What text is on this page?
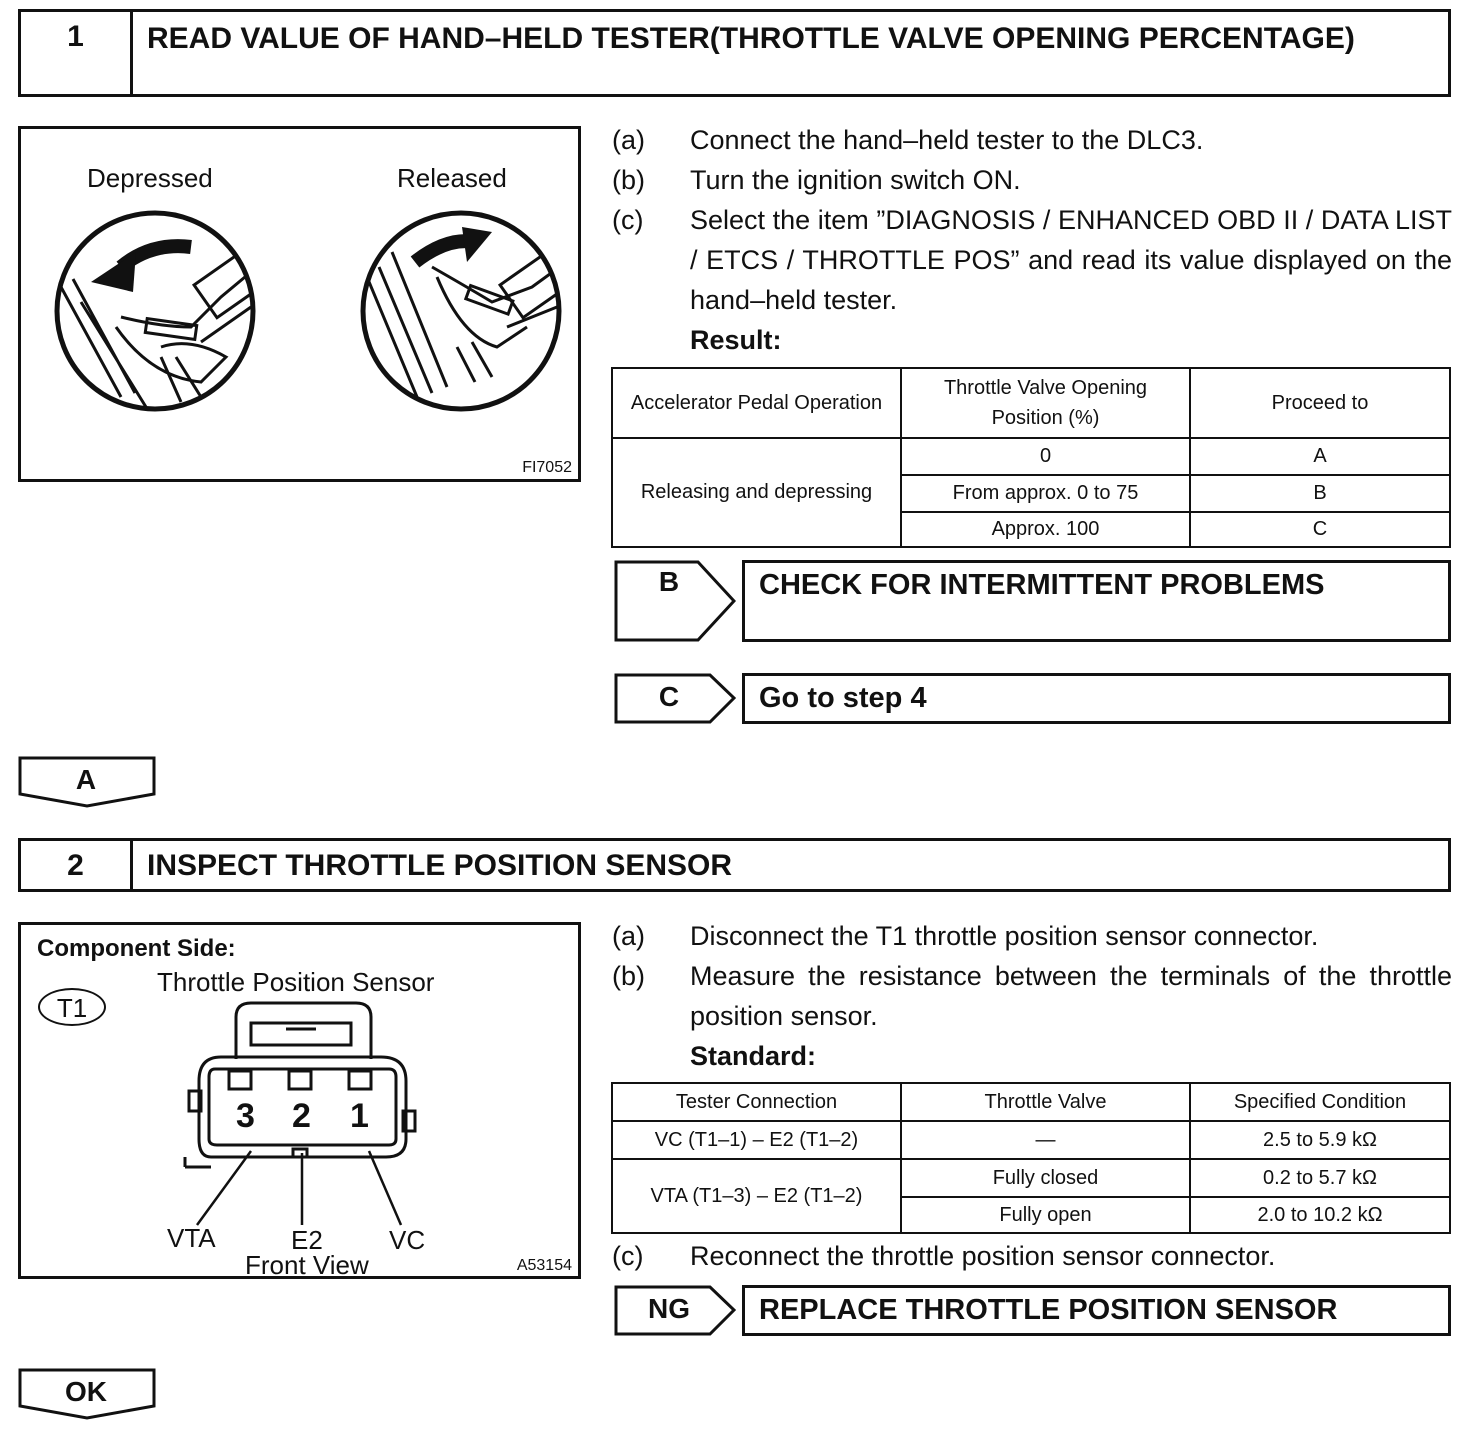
1	READ VALUE OF HAND–HELD TESTER(THROTTLE VALVE OPENING PERCENTAGE)
Depressed	Released
FI7052
(a)	Connect the hand–held tester to the DLC3.
(b)	Turn the ignition switch ON.
(c)	Select the item ”DIAGNOSIS / ENHANCED OBD II / DATA LIST / ETCS / THROTTLE POS” and read its value displayed on the hand–held tester.
Result:
Accelerator Pedal Operation	Throttle Valve Opening Position (%)	Proceed to
Releasing and depressing	0	A
	From approx. 0 to 75	B
	Approx. 100	C
B	CHECK FOR INTERMITTENT PROBLEMS
C	Go to step 4
A
2	INSPECT THROTTLE POSITION SENSOR
Component Side:
Throttle Position Sensor
T1
3 2 1
VTA	E2	VC
Front View	A53154
(a)	Disconnect the T1 throttle position sensor connector.
(b)	Measure the resistance between the terminals of the throttle position sensor.
Standard:
Tester Connection	Throttle Valve	Specified Condition
VC (T1–1) – E2 (T1–2)	—	2.5 to 5.9 kΩ
VTA (T1–3) – E2 (T1–2)	Fully closed	0.2 to 5.7 kΩ
	Fully open	2.0 to 10.2 kΩ
(c)	Reconnect the throttle position sensor connector.
NG	REPLACE THROTTLE POSITION SENSOR
OK
